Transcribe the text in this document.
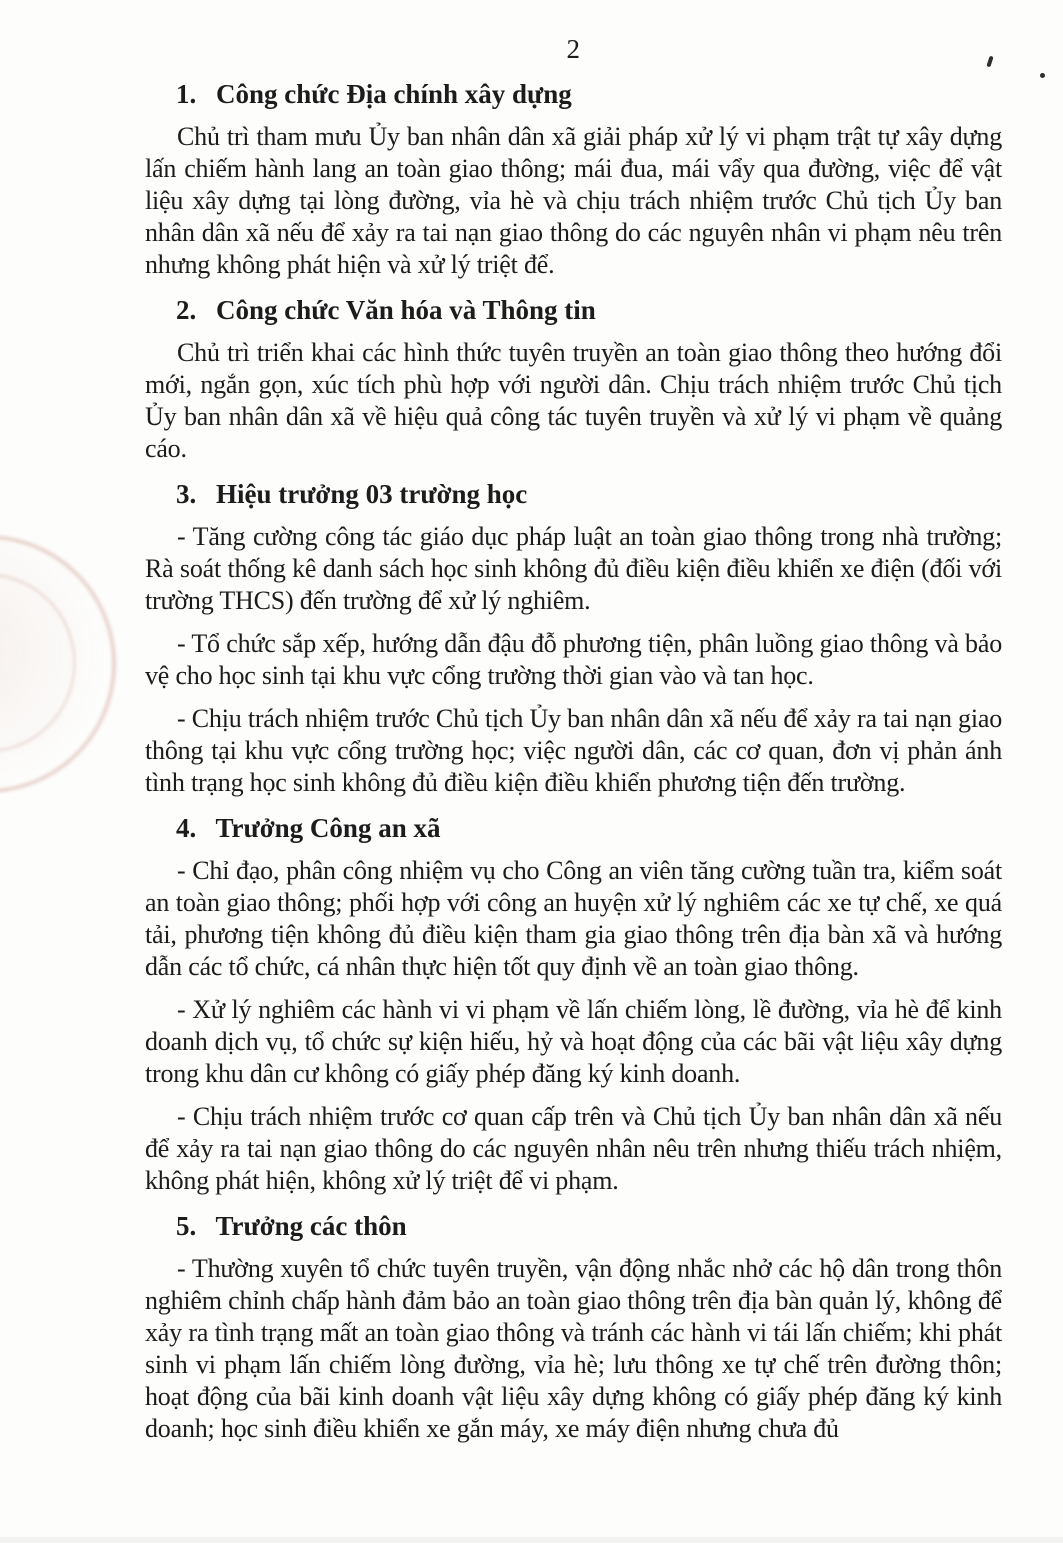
2
1. Công chức Địa chính xây dựng

Chủ trì tham mưu Ủy ban nhân dân xã giải pháp xử lý vi phạm trật tự xây dựng lấn chiếm hành lang an toàn giao thông; mái đua, mái vẩy qua đường, việc để vật liệu xây dựng tại lòng đường, vỉa hè và chịu trách nhiệm trước Chủ tịch Ủy ban nhân dân xã nếu để xảy ra tai nạn giao thông do các nguyên nhân vi phạm nêu trên nhưng không phát hiện và xử lý triệt để.

2. Công chức Văn hóa và Thông tin

Chủ trì triển khai các hình thức tuyên truyền an toàn giao thông theo hướng đổi mới, ngắn gọn, xúc tích phù hợp với người dân. Chịu trách nhiệm trước Chủ tịch Ủy ban nhân dân xã về hiệu quả công tác tuyên truyền và xử lý vi phạm về quảng cáo.

3. Hiệu trưởng 03 trường học

- Tăng cường công tác giáo dục pháp luật an toàn giao thông trong nhà trường; Rà soát thống kê danh sách học sinh không đủ điều kiện điều khiển xe điện (đối với trường THCS) đến trường để xử lý nghiêm.

- Tổ chức sắp xếp, hướng dẫn đậu đỗ phương tiện, phân luồng giao thông và bảo vệ cho học sinh tại khu vực cổng trường thời gian vào và tan học.

- Chịu trách nhiệm trước Chủ tịch Ủy ban nhân dân xã nếu để xảy ra tai nạn giao thông tại khu vực cổng trường học; việc người dân, các cơ quan, đơn vị phản ánh tình trạng học sinh không đủ điều kiện điều khiển phương tiện đến trường.

4. Trưởng Công an xã

- Chỉ đạo, phân công nhiệm vụ cho Công an viên tăng cường tuần tra, kiểm soát an toàn giao thông; phối hợp với công an huyện xử lý nghiêm các xe tự chế, xe quá tải, phương tiện không đủ điều kiện tham gia giao thông trên địa bàn xã và hướng dẫn các tổ chức, cá nhân thực hiện tốt quy định về an toàn giao thông.

- Xử lý nghiêm các hành vi vi phạm về lấn chiếm lòng, lề đường, vỉa hè để kinh doanh dịch vụ, tổ chức sự kiện hiếu, hỷ và hoạt động của các bãi vật liệu xây dựng trong khu dân cư không có giấy phép đăng ký kinh doanh.

- Chịu trách nhiệm trước cơ quan cấp trên và Chủ tịch Ủy ban nhân dân xã nếu để xảy ra tai nạn giao thông do các nguyên nhân nêu trên nhưng thiếu trách nhiệm, không phát hiện, không xử lý triệt để vi phạm.

5. Trưởng các thôn

- Thường xuyên tổ chức tuyên truyền, vận động nhắc nhở các hộ dân trong thôn nghiêm chỉnh chấp hành đảm bảo an toàn giao thông trên địa bàn quản lý, không để xảy ra tình trạng mất an toàn giao thông và tránh các hành vi tái lấn chiếm; khi phát sinh vi phạm lấn chiếm lòng đường, vỉa hè; lưu thông xe tự chế trên đường thôn; hoạt động của bãi kinh doanh vật liệu xây dựng không có giấy phép đăng ký kinh doanh; học sinh điều khiển xe gắn máy, xe máy điện nhưng chưa đủ
